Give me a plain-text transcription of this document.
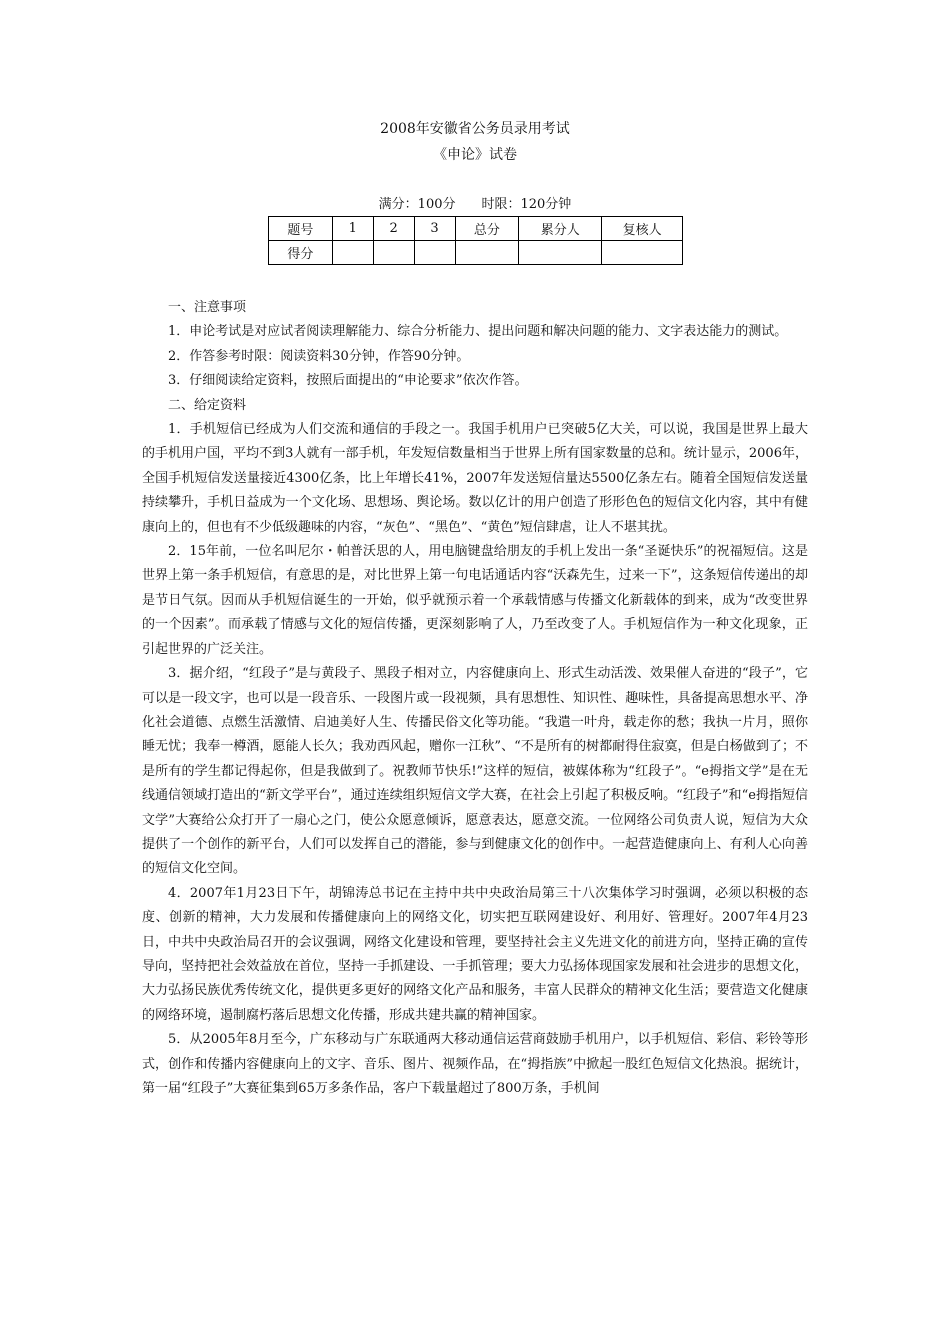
2008年安徽省公务员录用考试
《申论》试卷
满分：100分　　时限：120分钟
题号	1	2	3	总分	累分人	复核人
得分						

一、注意事项

1．申论考试是对应试者阅读理解能力、综合分析能力、提出问题和解决问题的能力、文字表达能力的测试。

2．作答参考时限：阅读资料30分钟，作答90分钟。

3．仔细阅读给定资料，按照后面提出的“申论要求”依次作答。

二、给定资料

1．手机短信已经成为人们交流和通信的手段之一。我国手机用户已突破5亿大关，可以说，我国是世界上最大的手机用户国，平均不到3人就有一部手机，年发短信数量相当于世界上所有国家数量的总和。统计显示，2006年，全国手机短信发送量接近4300亿条，比上年增长41%，2007年发送短信量达5500亿条左右。随着全国短信发送量持续攀升，手机日益成为一个文化场、思想场、舆论场。数以亿计的用户创造了形形色色的短信文化内容，其中有健康向上的，但也有不少低级趣味的内容，“灰色”、“黑色”、“黄色”短信肆虐，让人不堪其扰。

2．15年前，一位名叫尼尔・帕普沃思的人，用电脑键盘给朋友的手机上发出一条“圣诞快乐”的祝福短信。这是世界上第一条手机短信，有意思的是，对比世界上第一句电话通话内容“沃森先生，过来一下”，这条短信传递出的却是节日气氛。因而从手机短信诞生的一开始，似乎就预示着一个承载情感与传播文化新载体的到来，成为“改变世界的一个因素”。而承载了情感与文化的短信传播，更深刻影响了人，乃至改变了人。手机短信作为一种文化现象，正引起世界的广泛关注。

3．据介绍，“红段子”是与黄段子、黑段子相对立，内容健康向上、形式生动活泼、效果催人奋进的“段子”，它可以是一段文字，也可以是一段音乐、一段图片或一段视频，具有思想性、知识性、趣味性，具备提高思想水平、净化社会道德、点燃生活激情、启迪美好人生、传播民俗文化等功能。“我遣一叶舟，载走你的愁；我执一片月，照你睡无忧；我奉一樽酒，愿能人长久；我劝西风起，赠你一江秋”、“不是所有的树都耐得住寂寞，但是白杨做到了；不是所有的学生都记得起你，但是我做到了。祝教师节快乐!”这样的短信，被媒体称为“红段子”。“e拇指文学”是在无线通信领域打造出的“新文学平台”，通过连续组织短信文学大赛，在社会上引起了积极反响。“红段子”和“e拇指短信文学”大赛给公众打开了一扇心之门，使公众愿意倾诉，愿意表达，愿意交流。一位网络公司负责人说，短信为大众提供了一个创作的新平台，人们可以发挥自己的潜能，参与到健康文化的创作中。一起营造健康向上、有利人心向善的短信文化空间。

4．2007年1月23日下午，胡锦涛总书记在主持中共中央政治局第三十八次集体学习时强调，必须以积极的态度、创新的精神，大力发展和传播健康向上的网络文化，切实把互联网建设好、利用好、管理好。2007年4月23日，中共中央政治局召开的会议强调，网络文化建设和管理，要坚持社会主义先进文化的前进方向，坚持正确的宣传导向，坚持把社会效益放在首位，坚持一手抓建设、一手抓管理；要大力弘扬体现国家发展和社会进步的思想文化，大力弘扬民族优秀传统文化，提供更多更好的网络文化产品和服务，丰富人民群众的精神文化生活；要营造文化健康的网络环境，遏制腐朽落后思想文化传播，形成共建共赢的精神国家。

5．从2005年8月至今，广东移动与广东联通两大移动通信运营商鼓励手机用户，以手机短信、彩信、彩铃等形式，创作和传播内容健康向上的文字、音乐、图片、视频作品，在“拇指族”中掀起一股红色短信文化热浪。据统计，第一届“红段子”大赛征集到65万多条作品，客户下载量超过了800万条，手机间
